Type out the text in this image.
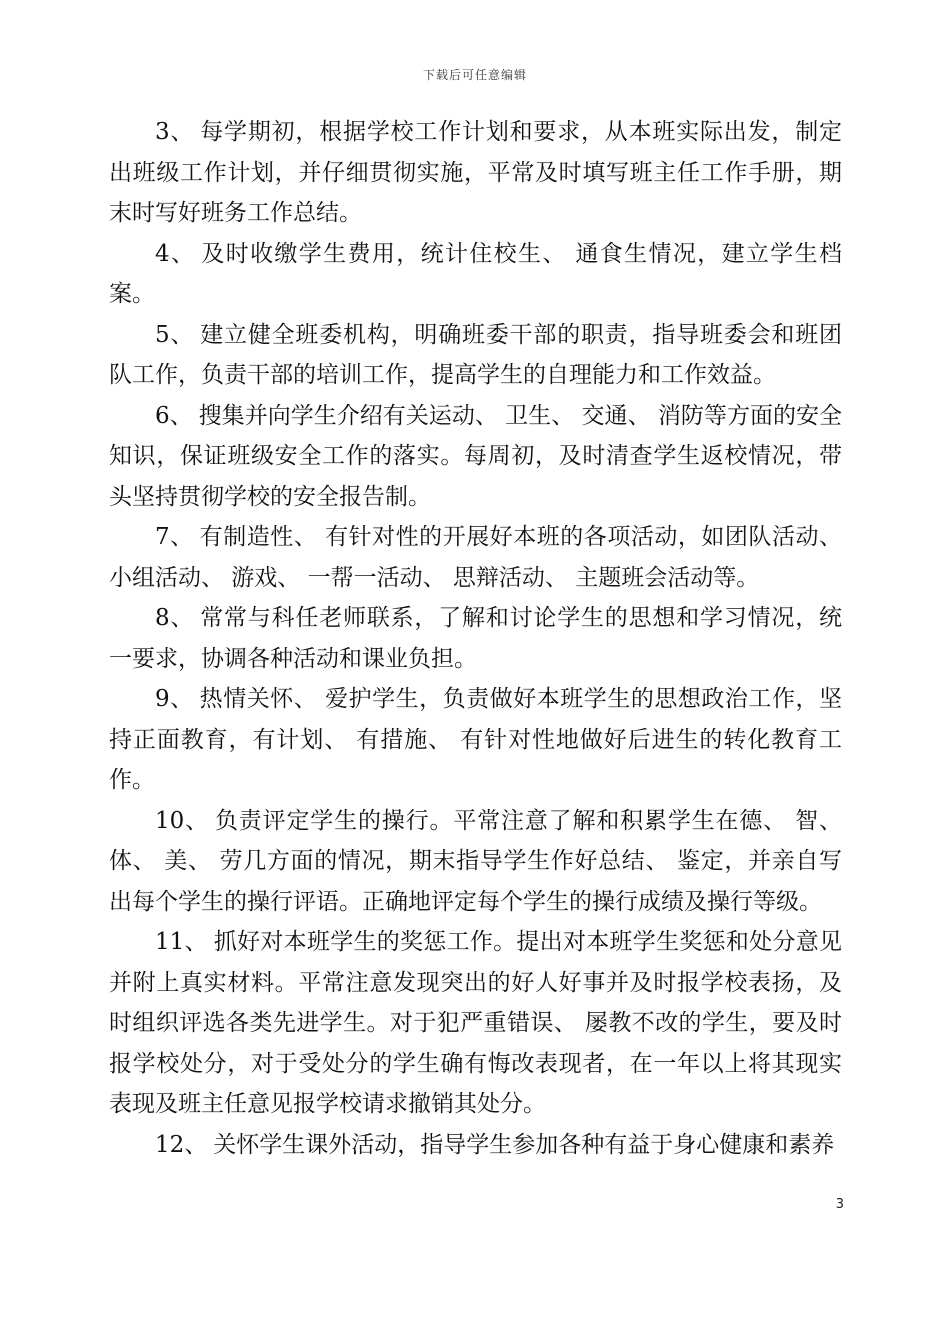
下载后可任意编辑

3、 每学期初，根据学校工作计划和要求，从本班实际出发，制定出班级工作计划，并仔细贯彻实施，平常及时填写班主任工作手册，期末时写好班务工作总结。

4、 及时收缴学生费用，统计住校生、 通食生情况，建立学生档案。

5、 建立健全班委机构，明确班委干部的职责，指导班委会和班团队工作，负责干部的培训工作，提高学生的自理能力和工作效益。

6、 搜集并向学生介绍有关运动、 卫生、 交通、 消防等方面的安全知识，保证班级安全工作的落实。每周初，及时清查学生返校情况，带头坚持贯彻学校的安全报告制。

7、 有制造性、 有针对性的开展好本班的各项活动，如团队活动、小组活动、 游戏、 一帮一活动、 思辩活动、 主题班会活动等。

8、 常常与科任老师联系，了解和讨论学生的思想和学习情况，统一要求，协调各种活动和课业负担。

9、 热情关怀、 爱护学生，负责做好本班学生的思想政治工作，坚持正面教育，有计划、 有措施、 有针对性地做好后进生的转化教育工作。

10、 负责评定学生的操行。平常注意了解和积累学生在德、 智、体、 美、 劳几方面的情况，期末指导学生作好总结、 鉴定，并亲自写出每个学生的操行评语。正确地评定每个学生的操行成绩及操行等级。

11、 抓好对本班学生的奖惩工作。提出对本班学生奖惩和处分意见并附上真实材料。平常注意发现突出的好人好事并及时报学校表扬，及时组织评选各类先进学生。对于犯严重错误、 屡教不改的学生，要及时报学校处分，对于受处分的学生确有悔改表现者，在一年以上将其现实表现及班主任意见报学校请求撤销其处分。

12、 关怀学生课外活动，指导学生参加各种有益于身心健康和素养

3
